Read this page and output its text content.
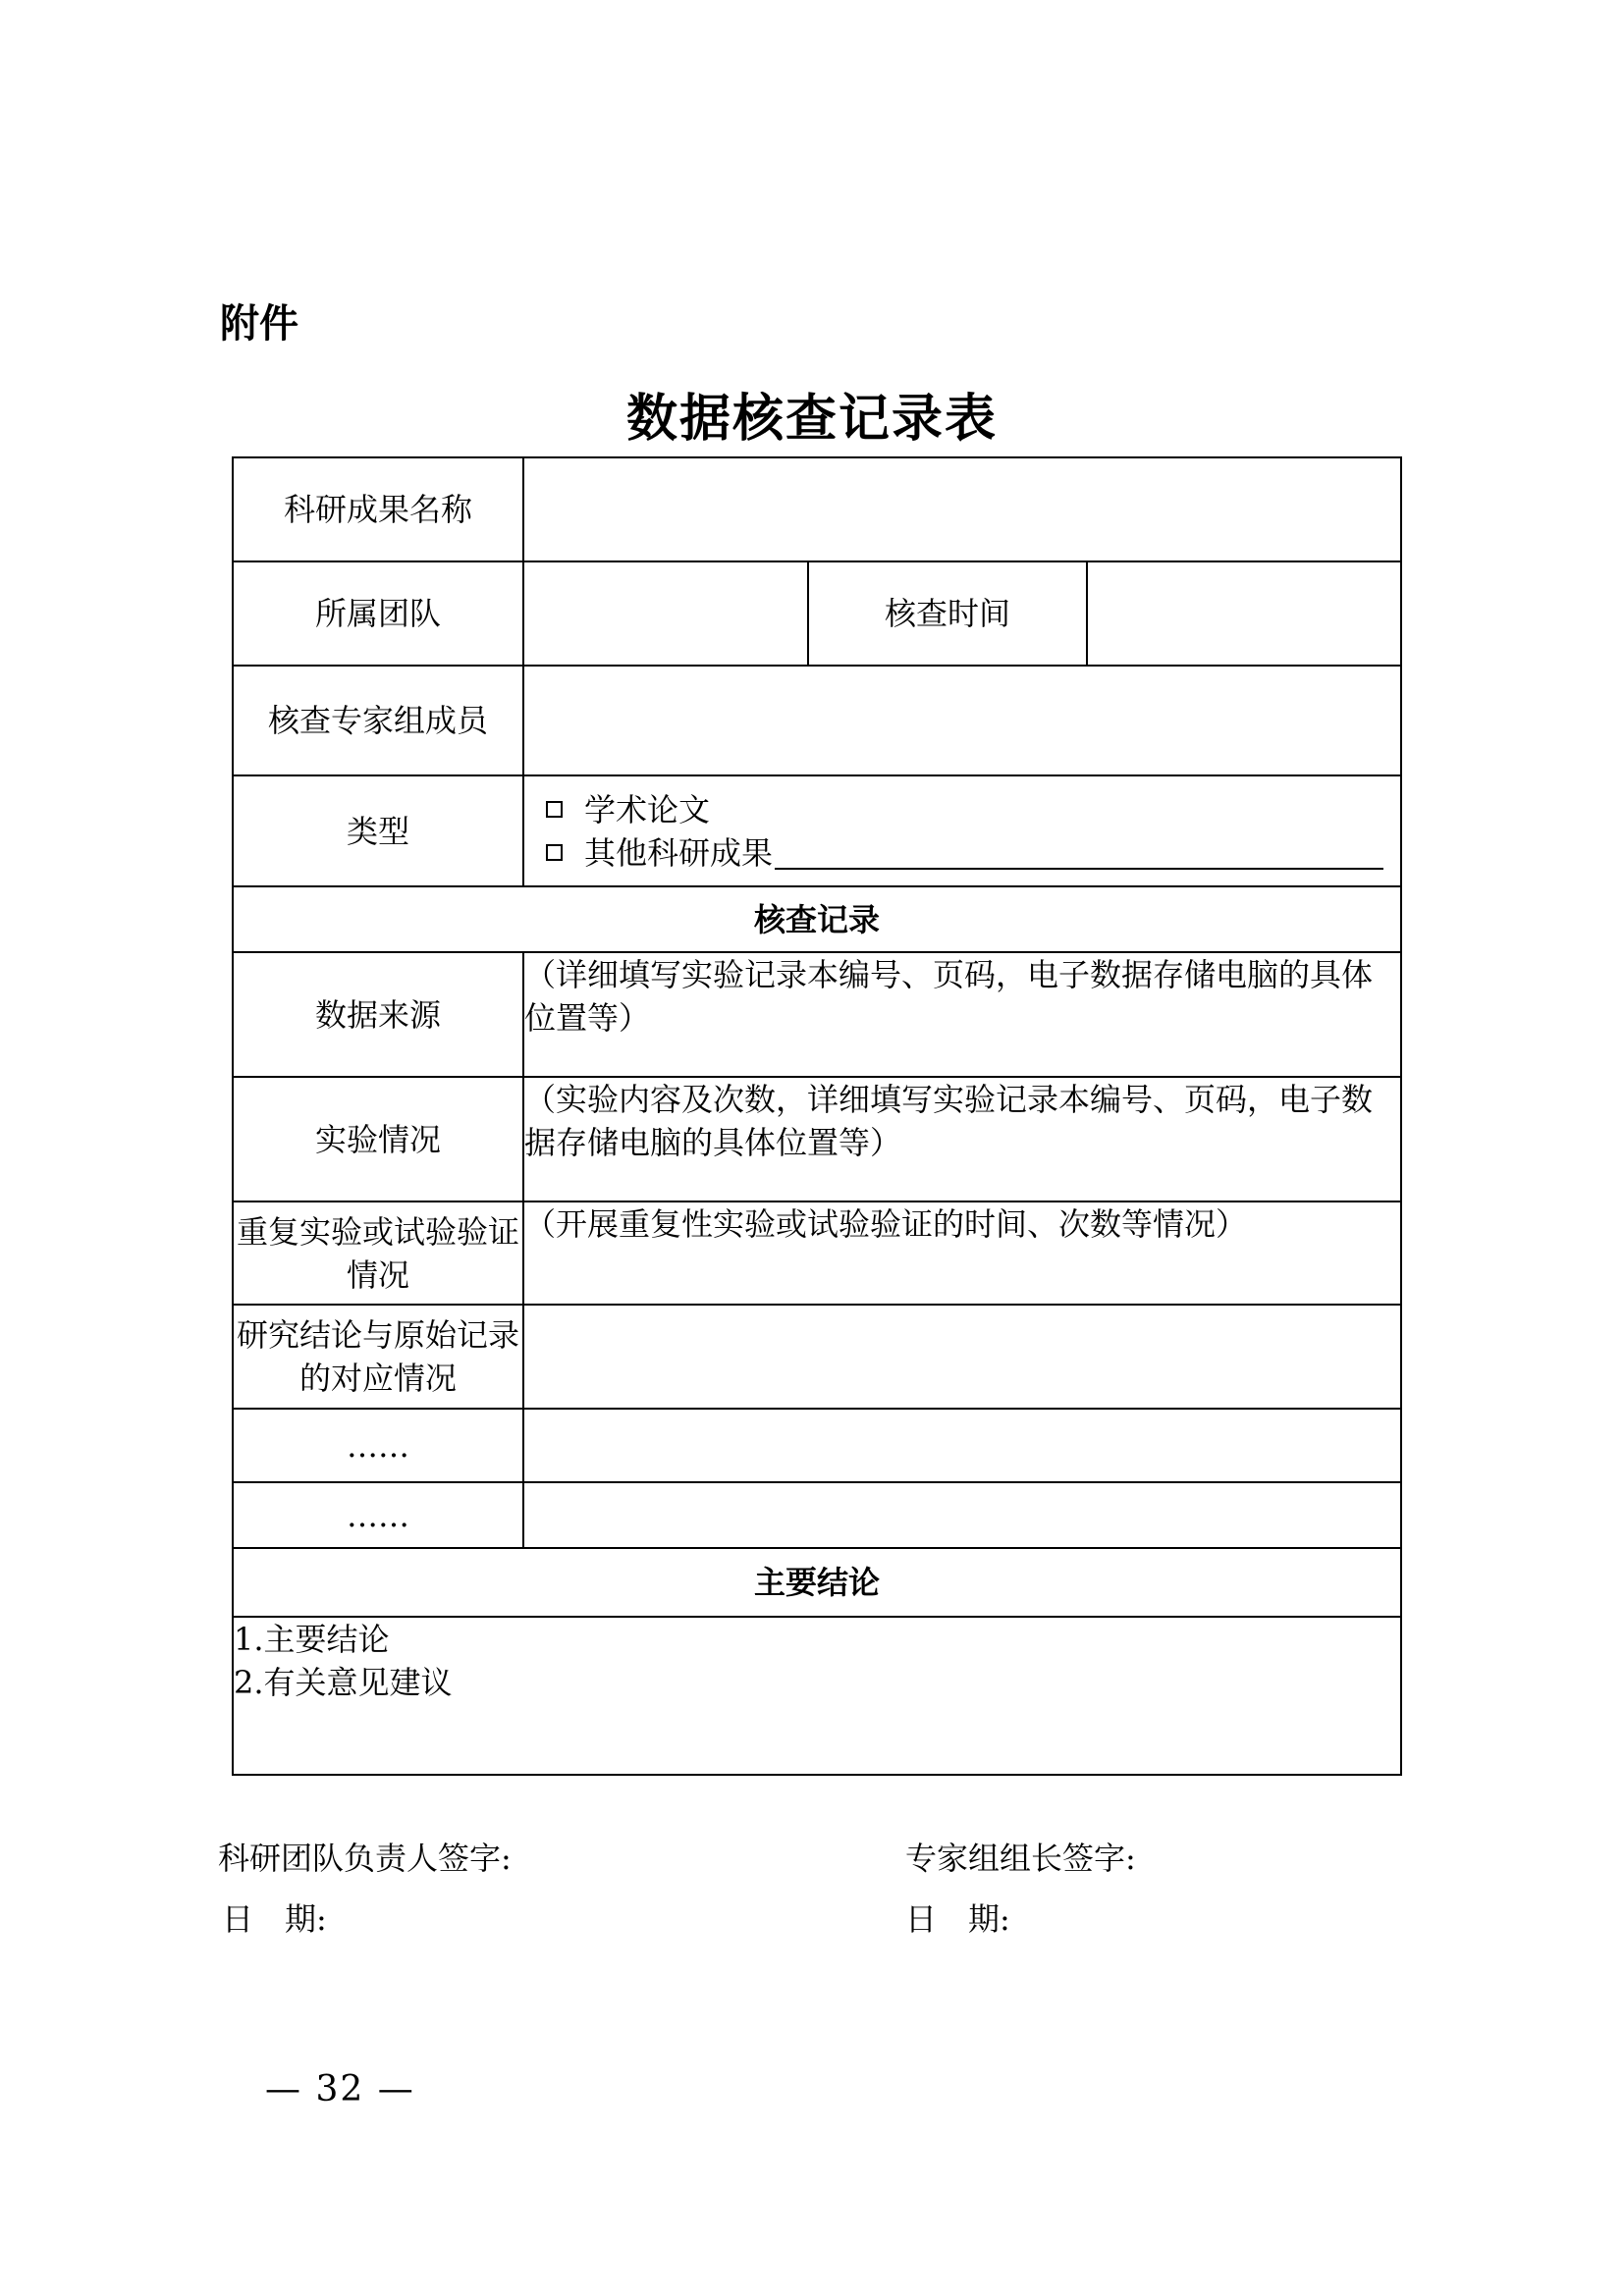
附件
数据核查记录表
科研成果名称			
所属团队		核查时间	
核查专家组成员			
类型	学术论文
其他科研成果		

核查记录			
数据来源	（详细填写实验记录本编号、页码，电子数据存储电脑的具体位置等）		
实验情况	（实验内容及次数，详细填写实验记录本编号、页码，电子数据存储电脑的具体位置等）		
重复实验或试验验证情况	（开展重复性实验或试验验证的时间、次数等情况）		
研究结论与原始记录的对应情况			
……			
……			
主要结论			

1.主要结论
2.有关意见建议			
科研团队负责人签字:	专家组组长签字:
日　期:	日　期:
— 32 —
